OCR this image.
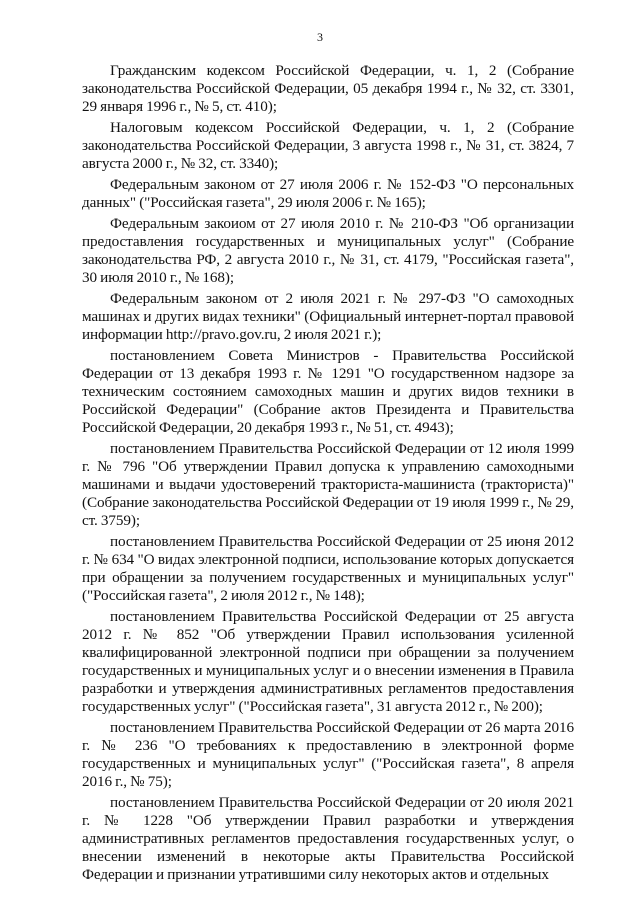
3

Гражданским кодексом Российской Федерации, ч. 1, 2 (Собрание законодательства Российской Федерации, 05 декабря 1994 г., № 32, ст. 3301, 29 января 1996 г., № 5, ст. 410);

Налоговым кодексом Российской Федерации, ч. 1, 2 (Собрание законодательства Российской Федерации, 3 августа 1998 г., № 31, ст. 3824, 7 августа 2000 г., № 32, ст. 3340);

Федеральным законом от 27 июля 2006 г. № 152-ФЗ "О персональных данных" ("Российская газета", 29 июля 2006 г. № 165);

Федеральным закоиом от 27 июля 2010 г. № 210-ФЗ "Об организации предоставления государственных и муниципальных услуг" (Собрание законодательства РФ, 2 августа 2010 г., № 31, ст. 4179, "Российская газета", 30 июля 2010 г., № 168);

Федеральным законом от 2 июля 2021 г. № 297-ФЗ "О самоходных машинах и других видах техники" (Официальный интернет-портал правовой информации http://pravo.gov.ru, 2 июля 2021 г.);

постановлением Совета Министров - Правительства Российской Федерации от 13 декабря 1993 г. № 1291 "О государственном надзоре за техническим состоянием самоходных машин и других видов техники в Российской Федерации" (Собрание актов Президента и Правительства Российской Федерации, 20 декабря 1993 г., № 51, ст. 4943);

постановлением Правительства Российской Федерации от 12 июля 1999 г. № 796 "Об утверждении Правил допуска к управлению самоходными машинами и выдачи удостоверений тракториста-машиниста (тракториста)" (Собрание законодательства Российской Федерации от 19 июля 1999 г., № 29, ст. 3759);

постановлением Правительства Российской Федерации от 25 июня 2012 г. № 634 "О видах электронной подписи, использование которых допускается при обращении за получением государственных и муниципальных услуг" ("Российская газета", 2 июля 2012 г., № 148);

постановлением Правительства Российской Федерации от 25 августа 2012 г. № 852 "Об утверждении Правил использования усиленной квалифицированной электронной подписи при обращении за получением государственных и муниципальных услуг и о внесении изменения в Правила разработки и утверждения административных регламентов предоставления государственных услуг" ("Российская газета", 31 августа 2012 г., № 200);

постановлением Правительства Российской Федерации от 26 марта 2016 г. № 236 "О требованиях к предоставлению в электронной форме государственных и муниципальных услуг" ("Российская газета", 8 апреля 2016 г., № 75);

постановлением Правительства Российской Федерации от 20 июля 2021 г. № 1228 "Об утверждении Правил разработки и утверждения административных регламентов предоставления государственных услуг, о внесении изменений в некоторые акты Правительства Российской Федерации и признании утратившими силу некоторых актов и отдельных
